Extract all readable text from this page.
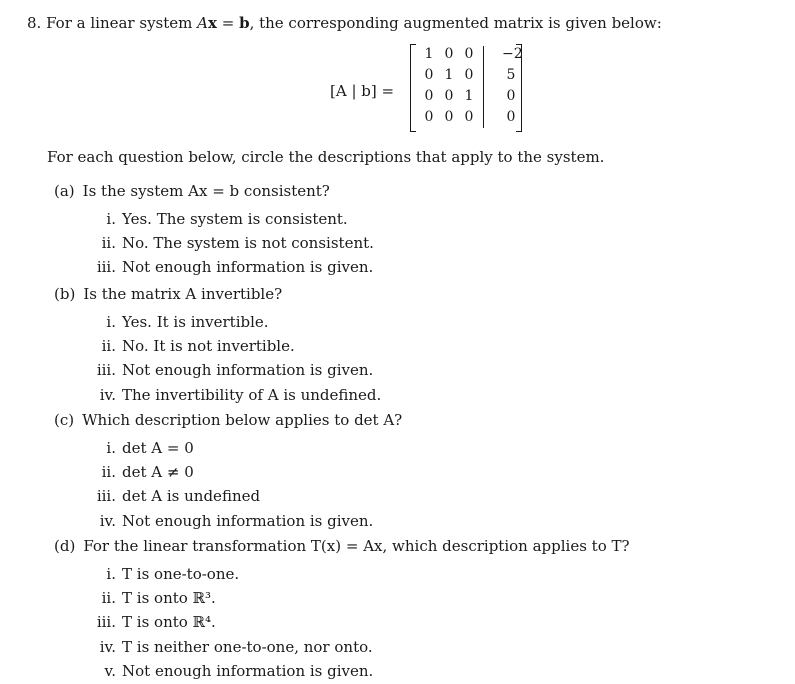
8. For a linear system Ax = b, the corresponding augmented matrix is given below:
[A | b] =
1 0 0 −2
0 1 0	5
0 0 1	0
0 0 0	0
For each question below, circle the descriptions that apply to the system.
(a) Is the system Ax = b consistent?
i. Yes. The system is consistent.
ii. No. The system is not consistent.
iii. Not enough information is given.
(b) Is the matrix A invertible?
i. Yes. It is invertible.
ii. No. It is not invertible.
iii. Not enough information is given.
iv. The invertibility of A is undefined.
(c) Which description below applies to det A?
i. det A = 0
ii. det A ≠ 0
iii. det A is undefined
iv. Not enough information is given.
(d) For the linear transformation T(x) = Ax, which description applies to T?
i. T is one-to-one.
ii. T is onto ℝ³.
iii. T is onto ℝ⁴.
iv. T is neither one-to-one, nor onto.
v. Not enough information is given.
